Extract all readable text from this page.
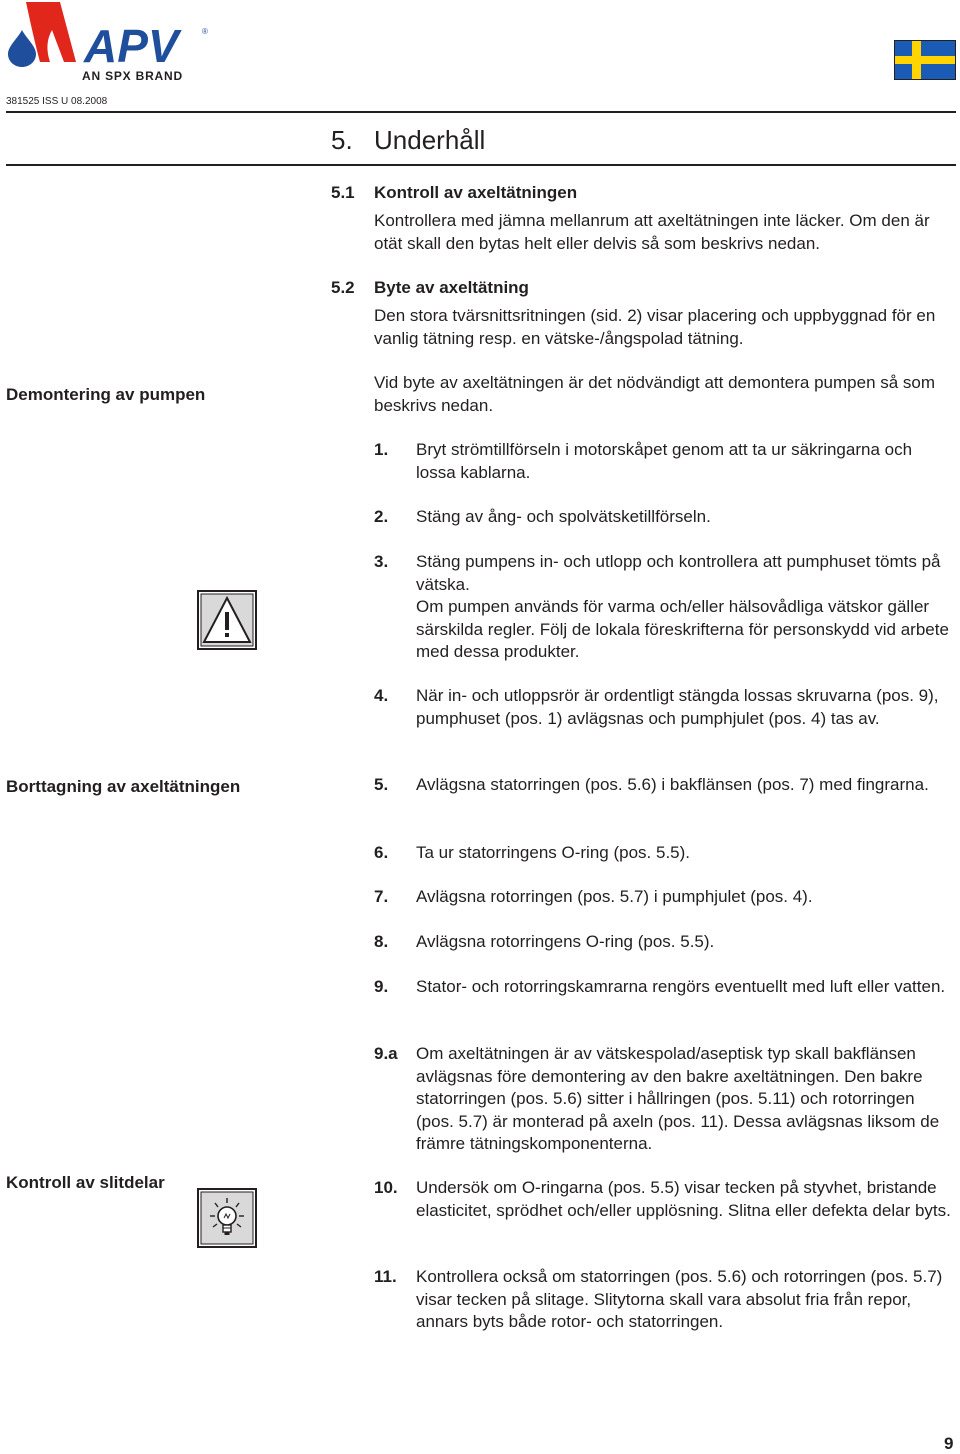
APV	®
AN SPX BRAND
381525 ISS U 08.2008
5. Underhåll
5.1 Kontroll av axeltätningen
Kontrollera med jämna mellanrum att axeltätningen inte läcker. Om den är otät skall den bytas helt eller delvis så som beskrivs nedan.
5.2 Byte av axeltätning
Den stora tvärsnittsritningen (sid. 2) visar placering och uppbyggnad för en vanlig tätning resp. en vätske-/ångspolad tätning.
Demontering av pumpen
Vid byte av axeltätningen är det nödvändigt att demontera pumpen så som beskrivs nedan.
1. Bryt strömtillförseln i motorskåpet genom att ta ur säkringarna och lossa kablarna.
2. Stäng av ång- och spolvätsketillförseln.
3. Stäng pumpens in- och utlopp och kontrollera att pumphuset tömts på vätska.
Om pumpen används för varma och/eller hälsovådliga vätskor gäller särskilda regler. Följ de lokala föreskrifterna för personskydd vid arbete med dessa produkter.
4. När in- och utloppsrör är ordentligt stängda lossas skruvarna (pos. 9), pumphuset (pos. 1) avlägsnas och pumphjulet (pos. 4) tas av.
Borttagning av axeltätningen	5. Avlägsna statorringen (pos. 5.6) i bakflänsen (pos. 7) med fingrarna.
6. Ta ur statorringens O-ring (pos. 5.5).
7. Avlägsna rotorringen (pos. 5.7) i pumphjulet (pos. 4).
8. Avlägsna rotorringens O-ring (pos. 5.5).
9. Stator- och rotorringskamrarna rengörs eventuellt med luft eller vatten.
9.a Om axeltätningen är av vätskespolad/aseptisk typ skall bakflänsen avlägsnas före demontering av den bakre axeltätningen. Den bakre statorringen (pos. 5.6) sitter i hållringen (pos. 5.11) och rotorringen (pos. 5.7) är monterad på axeln (pos. 11). Dessa avlägsnas liksom de främre tätningskomponenterna.
Kontroll av slitdelar	10. Undersök om O-ringarna (pos. 5.5) visar tecken på styvhet, bristande elasticitet, sprödhet och/eller upplösning. Slitna eller defekta delar byts.
11. Kontrollera också om statorringen (pos. 5.6) och rotorringen (pos. 5.7) visar tecken på slitage. Slitytorna skall vara absolut fria från repor, annars byts både rotor- och statorringen.
9
